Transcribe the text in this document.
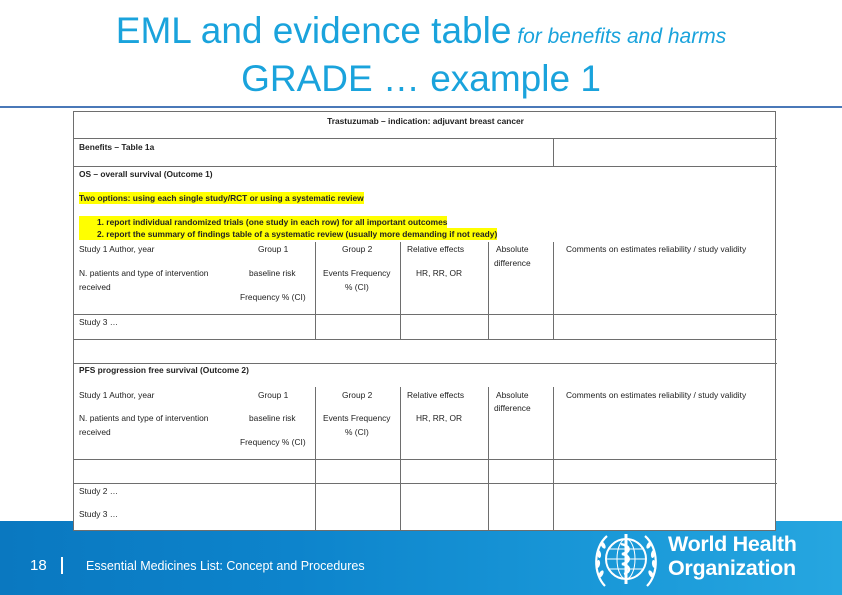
EML and evidence table for benefits and harms
GRADE … example 1
18	Essential Medicines List: Concept and Procedures
World Health
Organization
Trastuzumab – indication: adjuvant breast cancer
Benefits – Table 1a
OS – overall survival (Outcome 1)
Two options: using each single study/RCT or using a systematic review
1. report individual randomized trials (one study in each row) for all important outcomes
2. report the summary of findings table of a systematic review (usually more demanding if not ready)
Study 1 Author, year
N. patients and type of intervention
received
Group 1
baseline risk
Frequency % (CI)
Group 2
Events Frequency
% (CI)
Relative effects
HR, RR, OR
Absolute
difference
Comments on estimates reliability / study validity
Study 3 …
PFS progression free survival (Outcome 2)
Study 1 Author, year
N. patients and type of intervention
received
Group 1
baseline risk
Frequency % (CI)
Group 2
Events Frequency
% (CI)
Relative effects
HR, RR, OR
Absolute
difference
Comments on estimates reliability / study validity
Study 2 …
Study 3 …
